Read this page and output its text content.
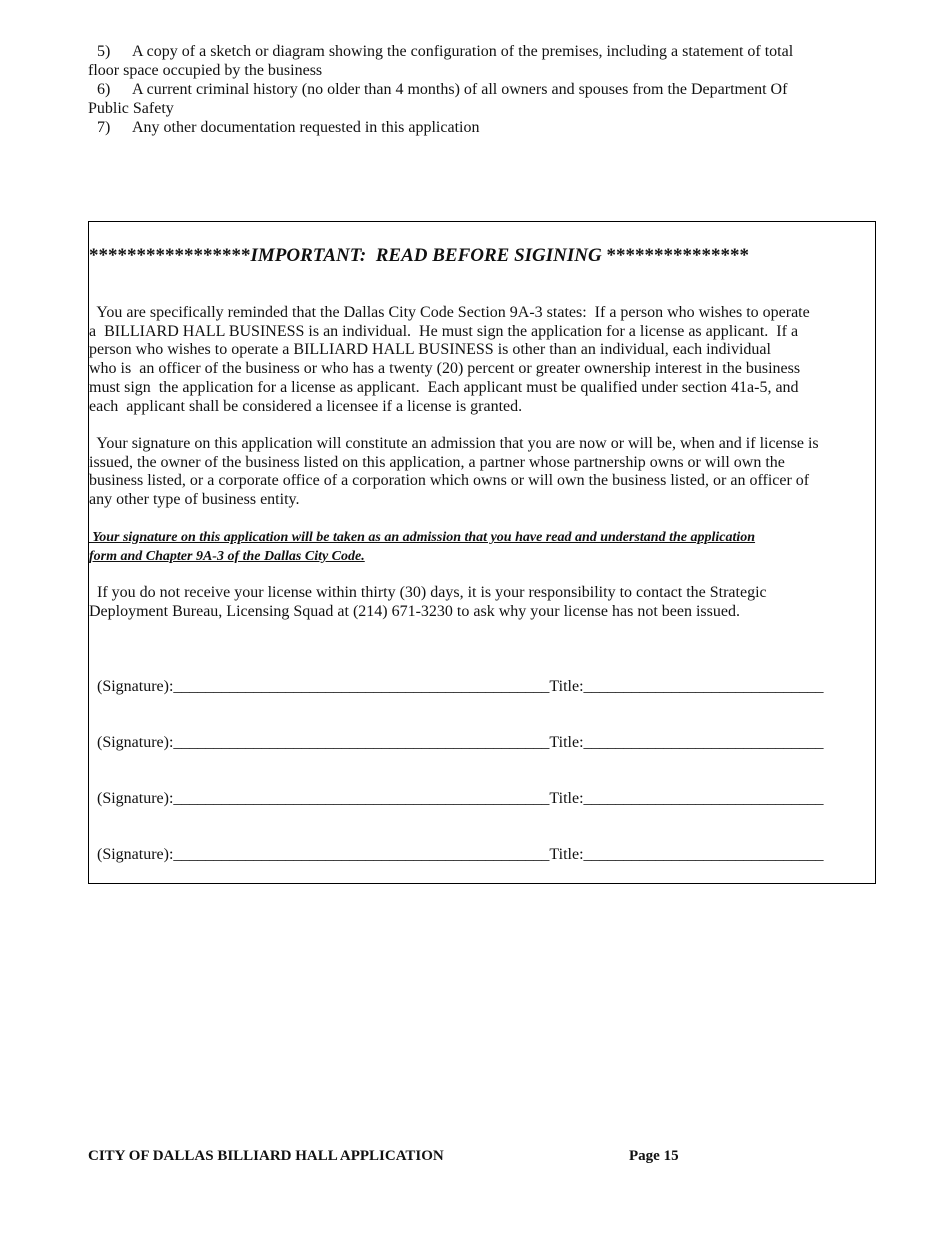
5) A copy of a sketch or diagram showing the configuration of the premises, including a statement of total
floor space occupied by the business
6) A current criminal history (no older than 4 months) of all owners and spouses from the Department Of
Public Safety
7) Any other documentation requested in this application
*****************IMPORTANT:  READ BEFORE SIGINING ***************
You are specifically reminded that the Dallas City Code Section 9A-3 states:  If a person who wishes to operate
a  BILLIARD HALL BUSINESS is an individual.  He must sign the application for a license as applicant.  If a
person who wishes to operate a BILLIARD HALL BUSINESS is other than an individual, each individual
who is  an officer of the business or who has a twenty (20) percent or greater ownership interest in the business
must sign  the application for a license as applicant.  Each applicant must be qualified under section 41a-5, and
each  applicant shall be considered a licensee if a license is granted.
Your signature on this application will constitute an admission that you are now or will be, when and if license is
issued, the owner of the business listed on this application, a partner whose partnership owns or will own the
business listed, or a corporate office of a corporation which owns or will own the business listed, or an officer of
any other type of business entity.
Your signature on this application will be taken as an admission that you have read and understand the application
form and Chapter 9A-3 of the Dallas City Code.
If you do not receive your license within thirty (30) days, it is your responsibility to contact the Strategic
Deployment Bureau, Licensing Squad at (214) 671-3230 to ask why your license has not been issued.
(Signature):_______________________________________________Title:______________________________
(Signature):_______________________________________________Title:______________________________
(Signature):_______________________________________________Title:______________________________
(Signature):_______________________________________________Title:______________________________
CITY OF DALLAS BILLIARD HALL APPLICATION	Page 15
